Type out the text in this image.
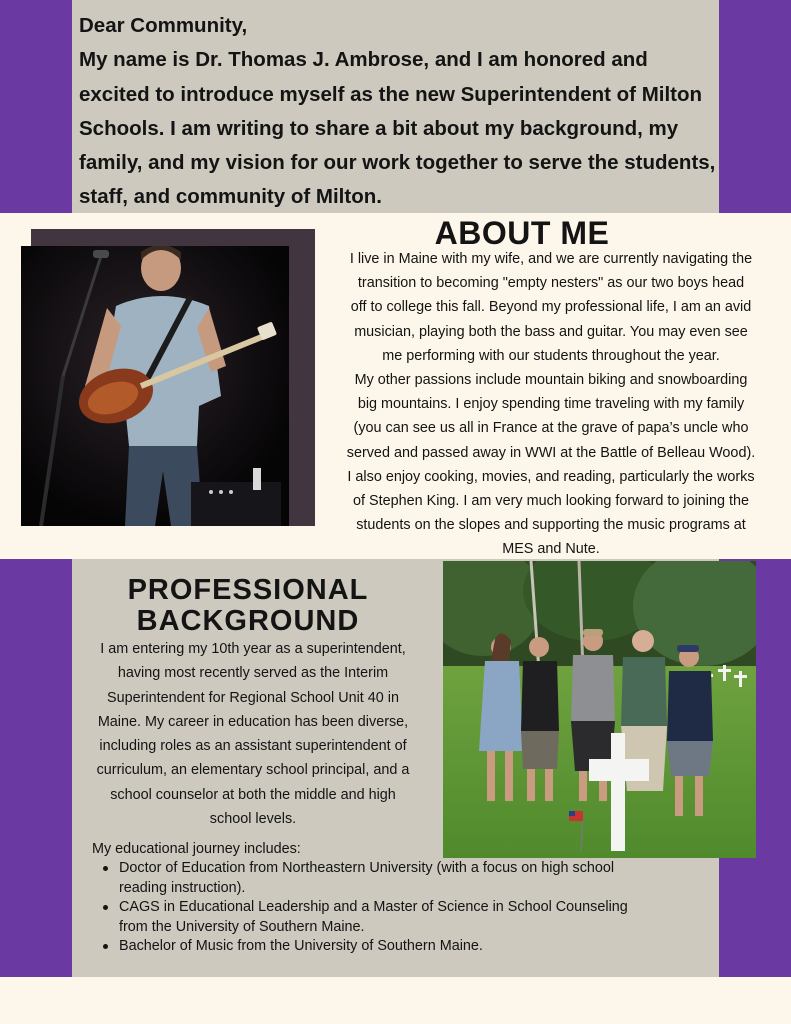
Dear Community,
My name is Dr. Thomas J. Ambrose, and I am honored and
excited to introduce myself as the new Superintendent of Milton
Schools. I am writing to share a bit about my background, my
family, and my vision for our work together to serve the students,
staff, and community of Milton.
ABOUT ME
I live in Maine with my wife, and we are currently navigating the
transition to becoming "empty nesters" as our two boys head
off to college this fall. Beyond my professional life, I am an avid
musician, playing both the bass and guitar. You may even see
me performing with our students throughout the year.
My other passions include mountain biking and snowboarding
big mountains. I enjoy spending time traveling with my family
(you can see us all in France at the grave of papa’s uncle who
served and passed away in WWI at the Battle of Belleau Wood).
I also enjoy cooking, movies, and reading, particularly the works
of Stephen King. I am very much looking forward to joining the
students on the slopes and supporting the music programs at
MES and Nute.
PROFESSIONAL
BACKGROUND
I am entering my 10th year as a superintendent,
having most recently served as the Interim
Superintendent for Regional School Unit 40 in
Maine. My career in education has been diverse,
including roles as an assistant superintendent of
curriculum, an elementary school principal, and a
school counselor at both the middle and high
school levels.
My educational journey includes:
Doctor of Education from Northeastern University (with a focus on high school
reading instruction).
CAGS in Educational Leadership and a Master of Science in School Counseling
from the University of Southern Maine.
Bachelor of Music from the University of Southern Maine.
